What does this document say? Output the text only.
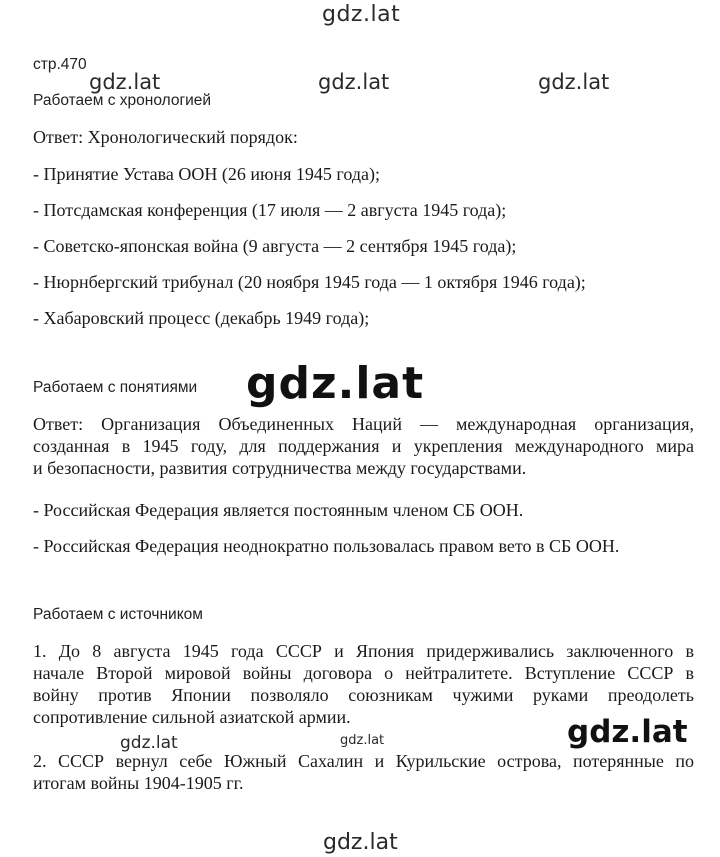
gdz.lat
gdz.lat	gdz.lat	gdz.lat
gdz.lat
gdz.lat	gdz.lat	gdz.lat
gdz.lat
стр.470
Работаем с хронологией
Ответ: Хронологический порядок:
- Принятие Устава ООН (26 июня 1945 года);
- Потсдамская конференция (17 июля — 2 августа 1945 года);
- Советско-японская война (9 августа — 2 сентября 1945 года);
- Нюрнбергский трибунал (20 ноября 1945 года — 1 октября 1946 года);
- Хабаровский процесс (декабрь 1949 года);
Работаем с понятиями
Ответ: Организация Объединенных Наций — международная организация,
созданная в 1945 году, для поддержания и укрепления международного мира
и безопасности, развития сотрудничества между государствами.
- Российская Федерация является постоянным членом СБ ООН.
- Российская Федерация неоднократно пользовалась правом вето в СБ ООН.
Работаем с источником
1. До 8 августа 1945 года СССР и Япония придерживались заключенного в
начале Второй мировой войны договора о нейтралитете. Вступление СССР в
войну против Японии позволяло союзникам чужими руками преодолеть
сопротивление сильной азиатской армии.
2. СССР вернул себе Южный Сахалин и Курильские острова, потерянные по
итогам войны 1904-1905 гг.
